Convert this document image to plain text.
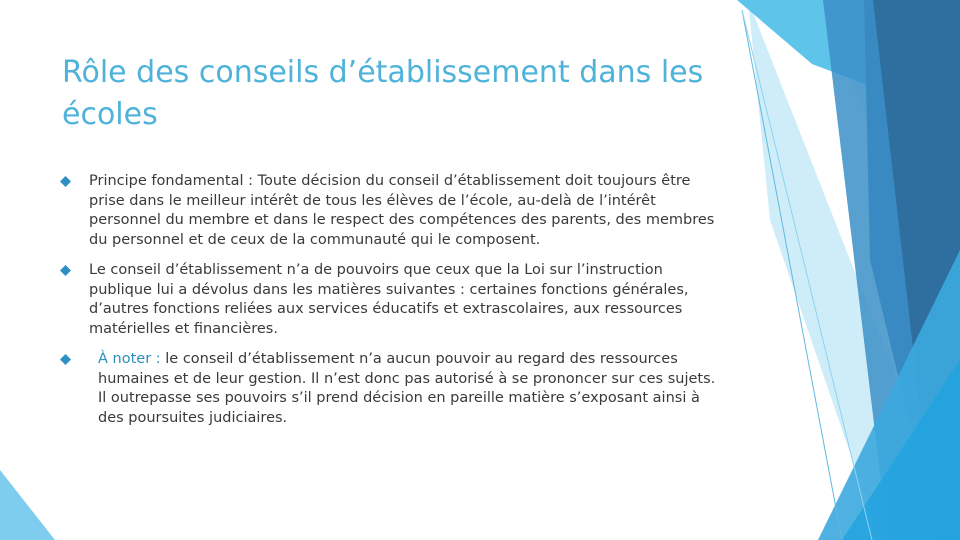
Rôle des conseils d’établissement dans les écoles
Principe fondamental : Toute décision du conseil d’établissement doit toujours être prise dans le meilleur intérêt de tous les élèves de l’école, au-delà de l’intérêt personnel du membre et dans le respect des compétences des parents, des membres du personnel et de ceux de la communauté qui le composent.
Le conseil d’établissement n’a de pouvoirs que ceux que la Loi sur l’instruction publique lui a dévolus dans les matières suivantes : certaines fonctions générales, d’autres fonctions reliées aux services éducatifs et extrascolaires, aux ressources matérielles et financières.
À noter : le conseil d’établissement n’a aucun pouvoir au regard des ressources humaines et de leur gestion. Il n’est donc pas autorisé à se prononcer sur ces sujets. Il outrepasse ses pouvoirs s’il prend décision en pareille matière s’exposant ainsi à des poursuites judiciaires.
